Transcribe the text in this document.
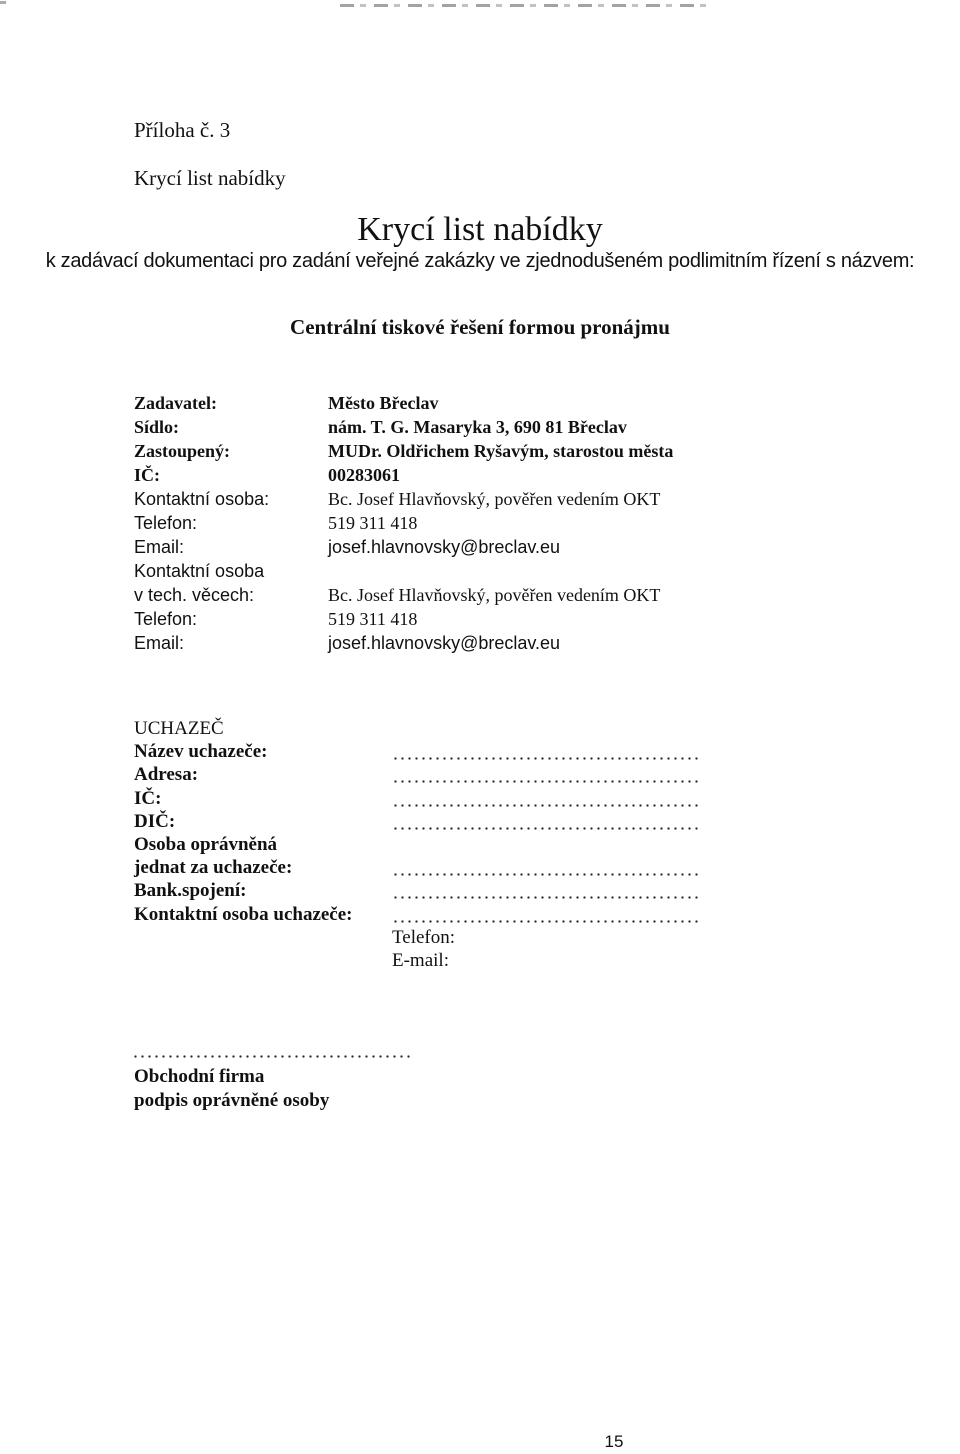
Příloha č. 3
Krycí list nabídky
Krycí list nabídky
k zadávací dokumentaci pro zadání veřejné zakázky ve zjednodušeném podlimitním řízení s názvem:
Centrální tiskové řešení formou pronájmu
Zadavatel:	Město Břeclav
Sídlo:	nám. T. G. Masaryka 3, 690 81 Břeclav
Zastoupený:	MUDr. Oldřichem Ryšavým, starostou města
IČ:	00283061
Kontaktní osoba:	Bc. Josef Hlavňovský, pověřen vedením OKT
Telefon:	519 311 418
Email:	josef.hlavnovsky@breclav.eu
Kontaktní osoba
v tech. věcech:	Bc. Josef Hlavňovský, pověřen vedením OKT
Telefon:	519 311 418
Email:	josef.hlavnovsky@breclav.eu
UCHAZEČ
Název uchazeče:
Adresa:
IČ:
DIČ:
Osoba oprávněná
jednat za uchazeče:
Bank.spojení:
Kontaktní osoba uchazeče:
Telefon:
E-mail:
Obchodní firma
podpis oprávněné osoby
15
